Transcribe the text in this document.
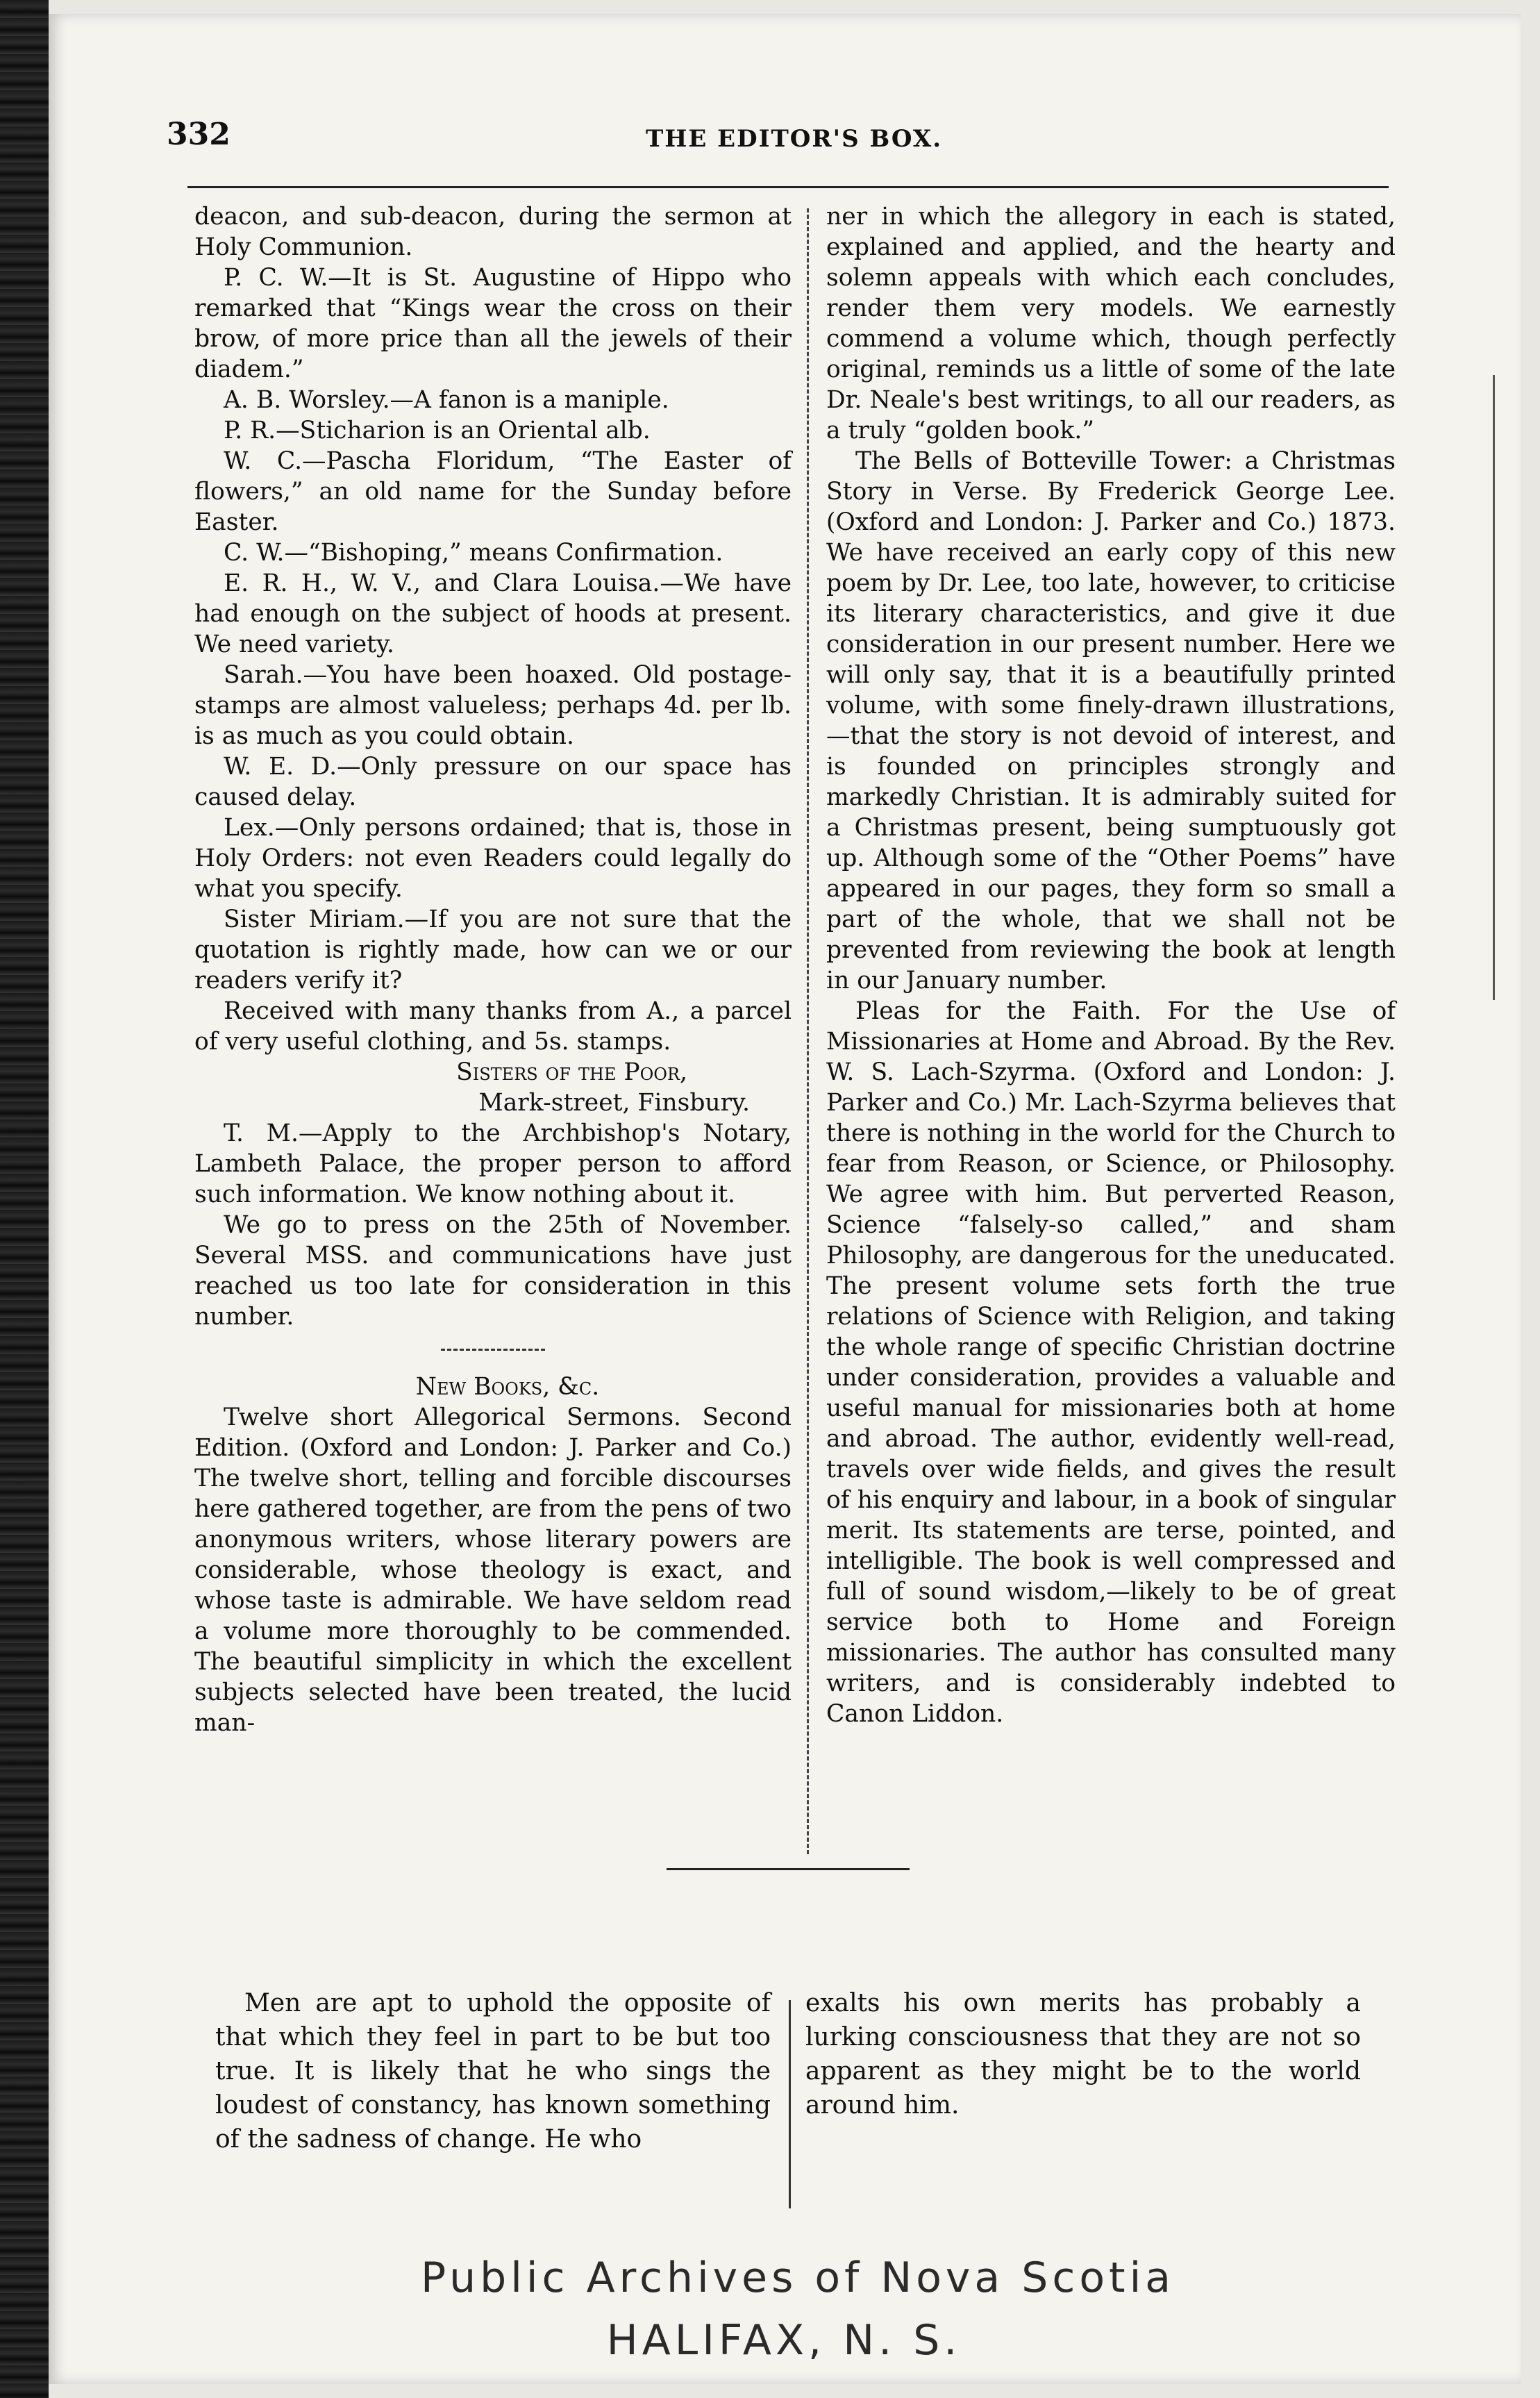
332	THE EDITOR'S BOX.

deacon, and sub-deacon, during the sermon at Holy Communion.

P. C. W.—It is St. Augustine of Hippo who remarked that “Kings wear the cross on their brow, of more price than all the jewels of their diadem.”

A. B. Worsley.—A fanon is a maniple.

P. R.—Sticharion is an Oriental alb.

W. C.—Pascha Floridum, “The Easter of flowers,” an old name for the Sunday before Easter.

C. W.—“Bishoping,” means Confirmation.

E. R. H., W. V., and Clara Louisa.—We have had enough on the subject of hoods at present. We need variety.

Sarah.—You have been hoaxed. Old postage-stamps are almost valueless; perhaps 4d. per lb. is as much as you could obtain.

W. E. D.—Only pressure on our space has caused delay.

Lex.—Only persons ordained; that is, those in Holy Orders: not even Readers could legally do what you specify.

Sister Miriam.—If you are not sure that the quotation is rightly made, how can we or our readers verify it?

Received with many thanks from A., a parcel of very useful clothing, and 5s. stamps.

Sisters of the Poor,
Mark-street, Finsbury.

T. M.—Apply to the Archbishop's Notary, Lambeth Palace, the proper person to afford such information. We know nothing about it.

We go to press on the 25th of November. Several MSS. and communications have just reached us too late for consideration in this number.

New Books, &c.

Twelve short Allegorical Sermons. Second Edition. (Oxford and London: J. Parker and Co.) The twelve short, telling and forcible discourses here gathered together, are from the pens of two anonymous writers, whose literary powers are considerable, whose theology is exact, and whose taste is admirable. We have seldom read a volume more thoroughly to be commended. The beautiful simplicity in which the excellent subjects selected have been treated, the lucid man-

ner in which the allegory in each is stated, explained and applied, and the hearty and solemn appeals with which each concludes, render them very models. We earnestly commend a volume which, though perfectly original, reminds us a little of some of the late Dr. Neale's best writings, to all our readers, as a truly “golden book.”

The Bells of Botteville Tower: a Christmas Story in Verse. By Frederick George Lee. (Oxford and London: J. Parker and Co.) 1873. We have received an early copy of this new poem by Dr. Lee, too late, however, to criticise its literary characteristics, and give it due consideration in our present number. Here we will only say, that it is a beautifully printed volume, with some finely-drawn illustrations,—that the story is not devoid of interest, and is founded on principles strongly and markedly Christian. It is admirably suited for a Christmas present, being sumptuously got up. Although some of the “Other Poems” have appeared in our pages, they form so small a part of the whole, that we shall not be prevented from reviewing the book at length in our January number.

Pleas for the Faith. For the Use of Missionaries at Home and Abroad. By the Rev. W. S. Lach-Szyrma. (Oxford and London: J. Parker and Co.) Mr. Lach-Szyrma believes that there is nothing in the world for the Church to fear from Reason, or Science, or Philosophy. We agree with him. But perverted Reason, Science “falsely-so called,” and sham Philosophy, are dangerous for the uneducated. The present volume sets forth the true relations of Science with Religion, and taking the whole range of specific Christian doctrine under consideration, provides a valuable and useful manual for missionaries both at home and abroad. The author, evidently well-read, travels over wide fields, and gives the result of his enquiry and labour, in a book of singular merit. Its statements are terse, pointed, and intelligible. The book is well compressed and full of sound wisdom,—likely to be of great service both to Home and Foreign missionaries. The author has consulted many writers, and is considerably indebted to Canon Liddon.

Men are apt to uphold the opposite of that which they feel in part to be but too true. It is likely that he who sings the loudest of constancy, has known something of the sadness of change. He who

exalts his own merits has probably a lurking consciousness that they are not so apparent as they might be to the world around him.

Public Archives of Nova Scotia
HALIFAX, N. S.
